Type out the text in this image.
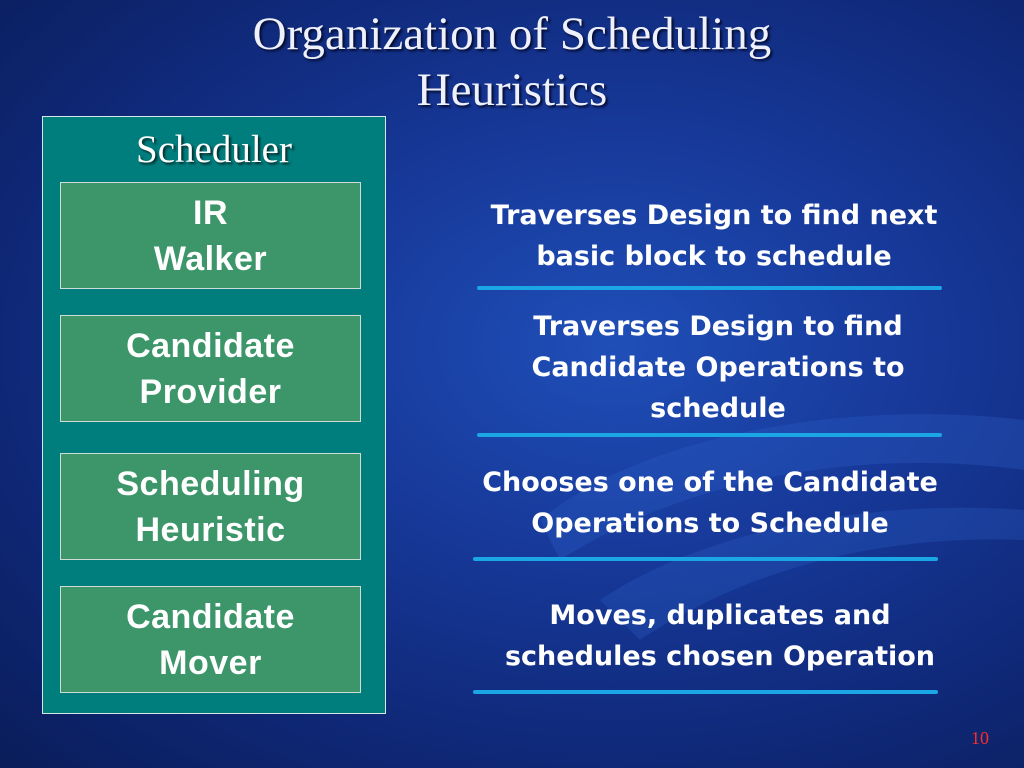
Organization of Scheduling
Heuristics
Scheduler
IR
Walker
Candidate
Provider
Scheduling
Heuristic
Candidate
Mover
Traverses Design to find next
basic block to schedule
Traverses Design to find
Candidate Operations to
schedule
Chooses one of the Candidate
Operations to Schedule
Moves, duplicates and
schedules chosen Operation
10
